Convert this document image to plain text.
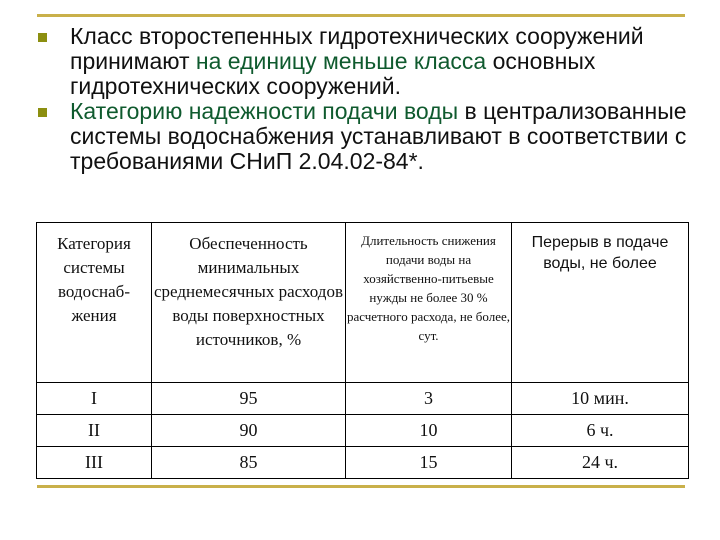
Класс второстепенных гидротехнических сооружений принимают на единицу меньше класса основных гидротехнических сооружений.
Категорию надежности подачи воды в централизованные системы водоснабжения устанавливают в соответствии с требованиями СНиП 2.04.02-84*.
Категория системы водоснаб-жения	Обеспеченность минимальных среднемесячных расходов воды поверхностных источников, %	Длительность снижения подачи воды на хозяйственно-питьевые нужды не более 30 % расчетного расхода, не более, сут.	Перерыв в подаче воды, не более
I	95	3	10 мин.
II	90	10	6 ч.
III	85	15	24 ч.
